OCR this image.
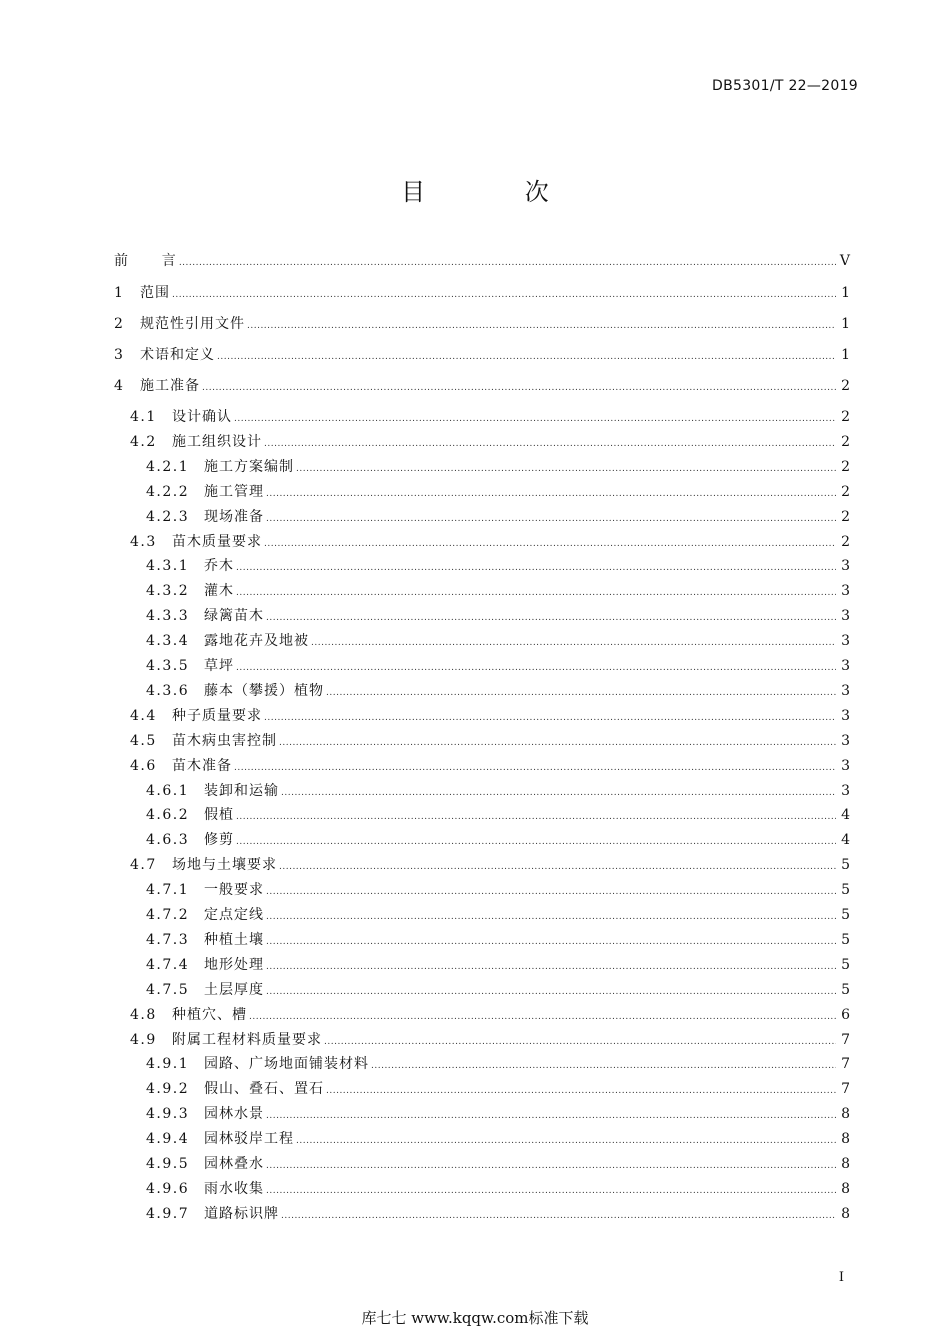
DB5301/T 22—2019
目 次
前 言 .....	V
1	范围 .....	1
2	规范性引用文件 .....	1
3	术语和定义 .....	1
4	施工准备 .....	2
4.1	设计确认 .....	2
4.2	施工组织设计 .....	2
4.2.1	施工方案编制 .....	2
4.2.2	施工管理 .....	2
4.2.3	现场准备 .....	2
4.3	苗木质量要求 .....	2
4.3.1	乔木 .....	3
4.3.2	灌木 .....	3
4.3.3	绿篱苗木 .....	3
4.3.4	露地花卉及地被 .....	3
4.3.5	草坪 .....	3
4.3.6	藤本（攀援）植物 .....	3
4.4	种子质量要求 .....	3
4.5	苗木病虫害控制 .....	3
4.6	苗木准备 .....	3
4.6.1	装卸和运输 .....	3
4.6.2	假植 .....	4
4.6.3	修剪 .....	4
4.7	场地与土壤要求 .....	5
4.7.1	一般要求 .....	5
4.7.2	定点定线 .....	5
4.7.3	种植土壤 .....	5
4.7.4	地形处理 .....	5
4.7.5	土层厚度 .....	5
4.8	种植穴、槽 .....	6
4.9	附属工程材料质量要求 .....	7
4.9.1	园路、广场地面铺装材料 .....	7
4.9.2	假山、叠石、置石 .....	7
4.9.3	园林水景 .....	8
4.9.4	园林驳岸工程 .....	8
4.9.5	园林叠水 .....	8
4.9.6	雨水收集 .....	8
4.9.7	道路标识牌 .....	8
I
库七七 www.kqqw.com标准下载
